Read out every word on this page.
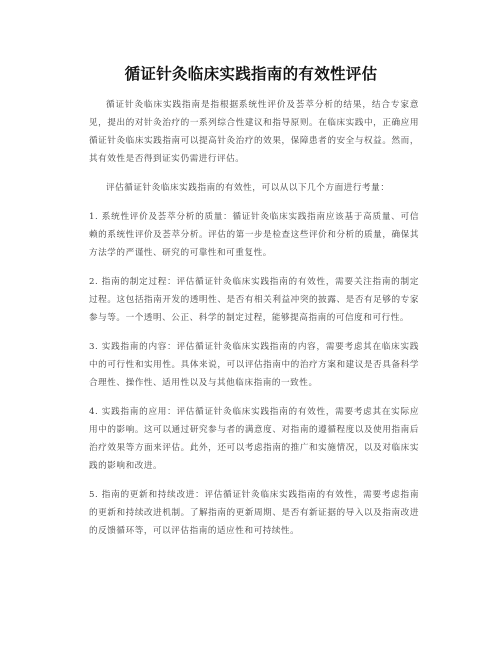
循证针灸临床实践指南的有效性评估

循证针灸临床实践指南是指根据系统性评价及荟萃分析的结果，结合专家意见，提出的对针灸治疗的一系列综合性建议和指导原则。在临床实践中，正确应用循证针灸临床实践指南可以提高针灸治疗的效果，保障患者的安全与权益。然而，其有效性是否得到证实仍需进行评估。

评估循证针灸临床实践指南的有效性，可以从以下几个方面进行考量：

1. 系统性评价及荟萃分析的质量：循证针灸临床实践指南应该基于高质量、可信赖的系统性评价及荟萃分析。评估的第一步是检查这些评价和分析的质量，确保其方法学的严谨性、研究的可靠性和可重复性。

2. 指南的制定过程：评估循证针灸临床实践指南的有效性，需要关注指南的制定过程。这包括指南开发的透明性、是否有相关利益冲突的披露、是否有足够的专家参与等。一个透明、公正、科学的制定过程，能够提高指南的可信度和可行性。

3. 实践指南的内容：评估循证针灸临床实践指南的内容，需要考虑其在临床实践中的可行性和实用性。具体来说，可以评估指南中的治疗方案和建议是否具备科学合理性、操作性、适用性以及与其他临床指南的一致性。

4. 实践指南的应用：评估循证针灸临床实践指南的有效性，需要考虑其在实际应用中的影响。这可以通过研究参与者的满意度、对指南的遵循程度以及使用指南后治疗效果等方面来评估。此外，还可以考虑指南的推广和实施情况，以及对临床实践的影响和改进。

5. 指南的更新和持续改进：评估循证针灸临床实践指南的有效性，需要考虑指南的更新和持续改进机制。了解指南的更新周期、是否有新证据的导入以及指南改进的反馈循环等，可以评估指南的适应性和可持续性。
